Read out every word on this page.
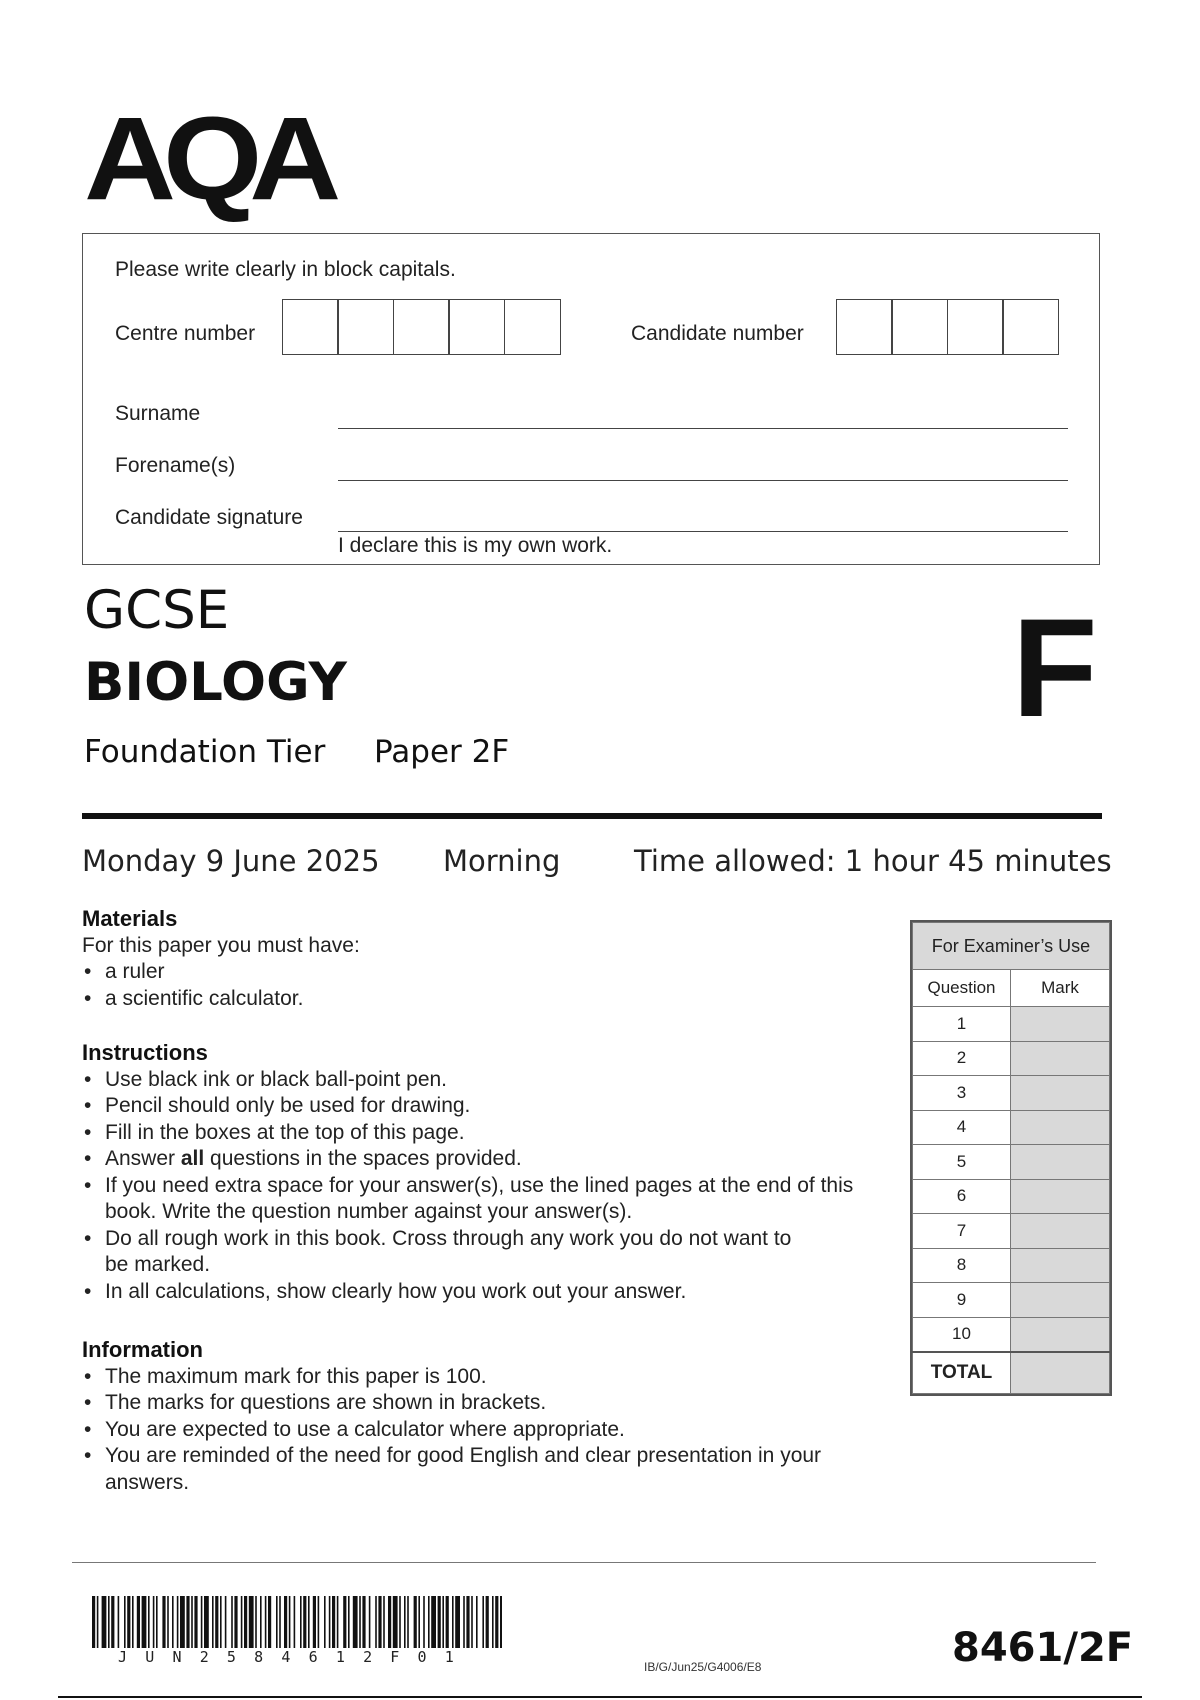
AQA
Please write clearly in block capitals.
Centre number	Candidate number
Surname
Forename(s)
Candidate signature
I declare this is my own work.
GCSE
BIOLOGY
Foundation Tier Paper 2F
F
Monday 9 June 2025 Morning	Time allowed: 1 hour 45 minutes
Materials
For this paper you must have:
• a ruler
• a scientific calculator.
Instructions
• Use black ink or black ball-point pen.
• Pencil should only be used for drawing.
• Fill in the boxes at the top of this page.
• Answer all questions in the spaces provided.
• If you need extra space for your answer(s), use the lined pages at the end of this book. Write the question number against your answer(s).
• Do all rough work in this book. Cross through any work you do not want to be marked.
• In all calculations, show clearly how you work out your answer.
Information
• The maximum mark for this paper is 100.
• The marks for questions are shown in brackets.
• You are expected to use a calculator where appropriate.
• You are reminded of the need for good English and clear presentation in your answers.
For Examiner’s Use	
Question	Mark
1	
2	
3	
4	
5	
6	
7	
8	
9	
10	
TOTAL	
JUN2584612F01
IB/G/Jun25/G4006/E8	8461/2F
